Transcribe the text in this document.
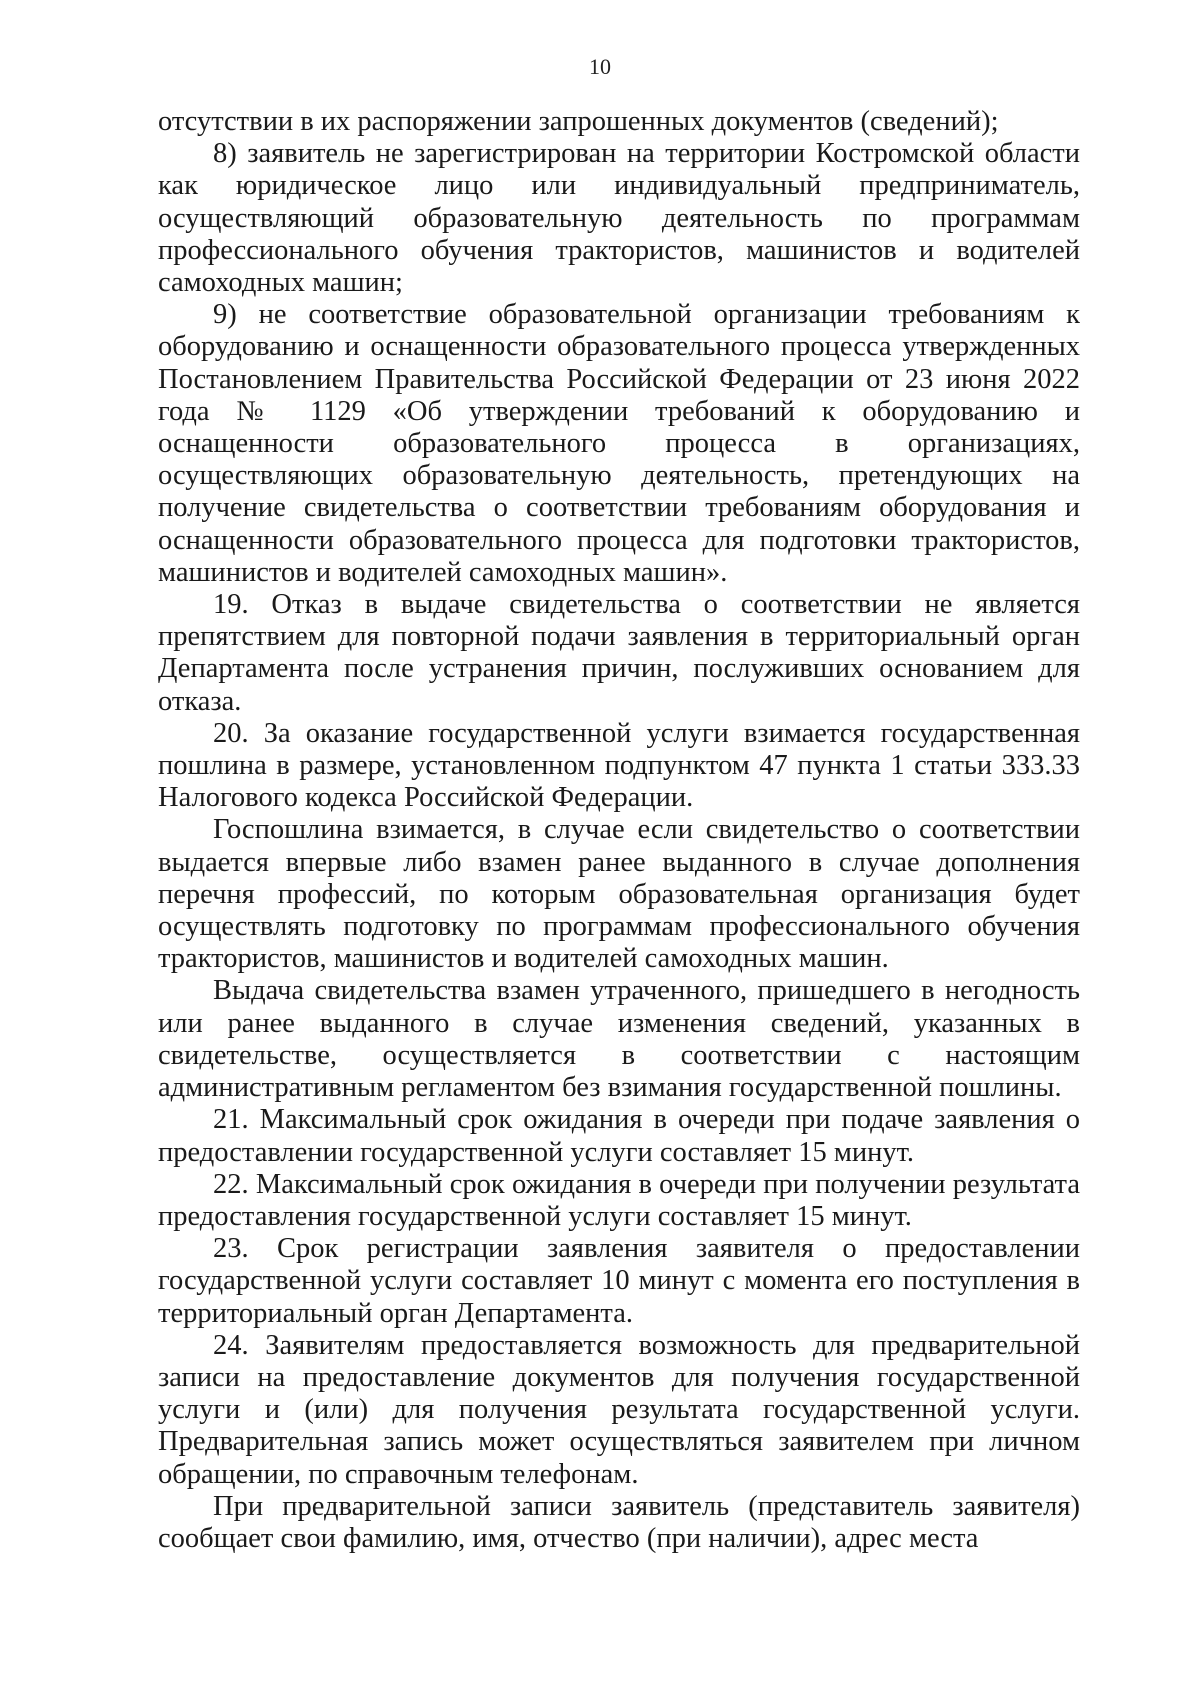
10

отсутствии в их распоряжении запрошенных документов (сведений);

8) заявитель не зарегистрирован на территории Костромской области как юридическое лицо или индивидуальный предприниматель, осуществляющий образовательную деятельность по программам профессионального обучения трактористов, машинистов и водителей самоходных машин;

9) не соответствие образовательной организации требованиям к оборудованию и оснащенности образовательного процесса утвержденных Постановлением Правительства Российской Федерации от 23 июня 2022 года № 1129 «Об утверждении требований к оборудованию и оснащенности образовательного процесса в организациях, осуществляющих образовательную деятельность, претендующих на получение свидетельства о соответствии требованиям оборудования и оснащенности образовательного процесса для подготовки трактористов, машинистов и водителей самоходных машин».

19. Отказ в выдаче свидетельства о соответствии не является препятствием для повторной подачи заявления в территориальный орган Департамента после устранения причин, послуживших основанием для отказа.

20. За оказание государственной услуги взимается государственная пошлина в размере, установленном подпунктом 47 пункта 1 статьи 333.33 Налогового кодекса Российской Федерации.

Госпошлина взимается, в случае если свидетельство о соответствии выдается впервые либо взамен ранее выданного в случае дополнения перечня профессий, по которым образовательная организация будет осуществлять подготовку по программам профессионального обучения трактористов, машинистов и водителей самоходных машин.

Выдача свидетельства взамен утраченного, пришедшего в негодность или ранее выданного в случае изменения сведений, указанных в свидетельстве, осуществляется в соответствии с настоящим административным регламентом без взимания государственной пошлины.

21. Максимальный срок ожидания в очереди при подаче заявления о предоставлении государственной услуги составляет 15 минут.

22. Максимальный срок ожидания в очереди при получении результата предоставления государственной услуги составляет 15 минут.

23. Срок регистрации заявления заявителя о предоставлении государственной услуги составляет 10 минут с момента его поступления в территориальный орган Департамента.

24. Заявителям предоставляется возможность для предварительной записи на предоставление документов для получения государственной услуги и (или) для получения результата государственной услуги. Предварительная запись может осуществляться заявителем при личном обращении, по справочным телефонам.

При предварительной записи заявитель (представитель заявителя) сообщает свои фамилию, имя, отчество (при наличии), адрес места
